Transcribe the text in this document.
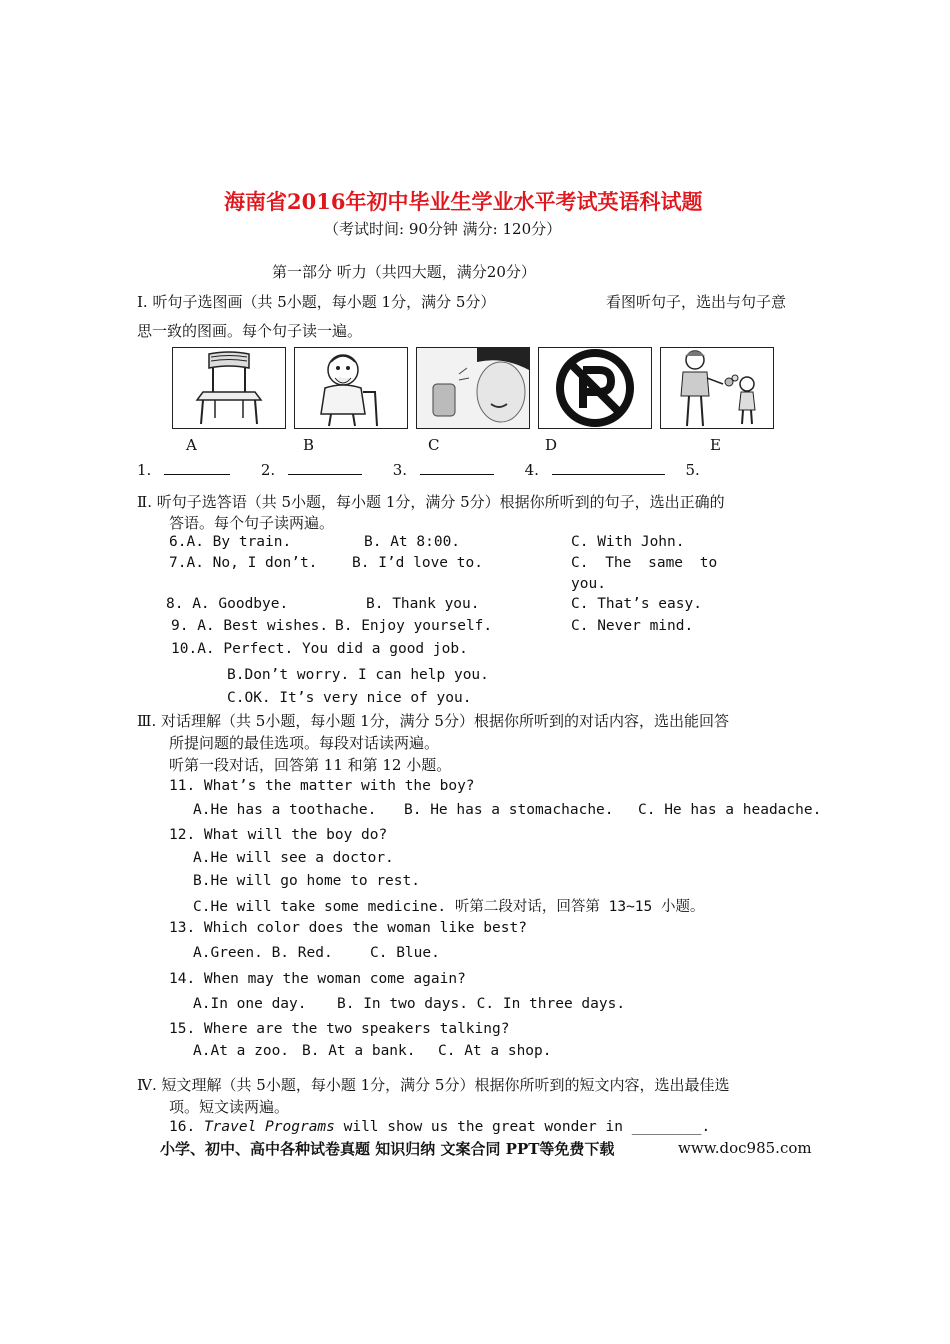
海南省2016年初中毕业生学业水平考试英语科试题
（考试时间: 90分钟 满分: 120分）
第一部分 听力（共四大题，满分20分）
Ⅰ. 听句子选图画（共 5小题，每小题 1分，满分 5分）	看图听句子，选出与句子意
思一致的图画。每个句子读一遍。
A	B	C	D	E
1.	2.	3.	4.	5.
Ⅱ. 听句子选答语（共 5小题，每小题 1分，满分 5分）根据你所听到的句子，选出正确的
答语。每个句子读两遍。
6.A. By train.	B. At 8:00.	C. With John.
7.A. No, I don’t. B. I’d love to.	C. The same to
you.
8. A. Goodbye.	B. Thank you.	C. That’s easy.
9. A. Best wishes. B. Enjoy yourself.	C. Never mind.
10.A. Perfect. You did a good job.
B.Don’t worry. I can help you.
C.OK. It’s very nice of you.
Ⅲ. 对话理解（共 5小题，每小题 1分，满分 5分）根据你所听到的对话内容，选出能回答
所提问题的最佳选项。每段对话读两遍。
听第一段对话，回答第 11 和第 12 小题。
11. What’s the matter with the boy?
A.He has a toothache. B. He has a stomachache. C. He has a headache.
12. What will the boy do?
A.He will see a doctor.
B.He will go home to rest.
C.He will take some medicine. 听第二段对话，回答第 13~15 小题。
13. Which color does the woman like best?
A.Green. B. Red.	C. Blue.
14. When may the woman come again?
A.In one day. B. In two days. C. In three days.
15. Where are the two speakers talking?
A.At a zoo. B. At a bank. C. At a shop.
Ⅳ. 短文理解（共 5小题，每小题 1分，满分 5分）根据你所听到的短文内容，选出最佳选
项。短文读两遍。
16. Travel Programs will show us the great wonder in ________.
小学、初中、高中各种试卷真题 知识归纳 文案合同 PPT等免费下载	www.doc985.com
